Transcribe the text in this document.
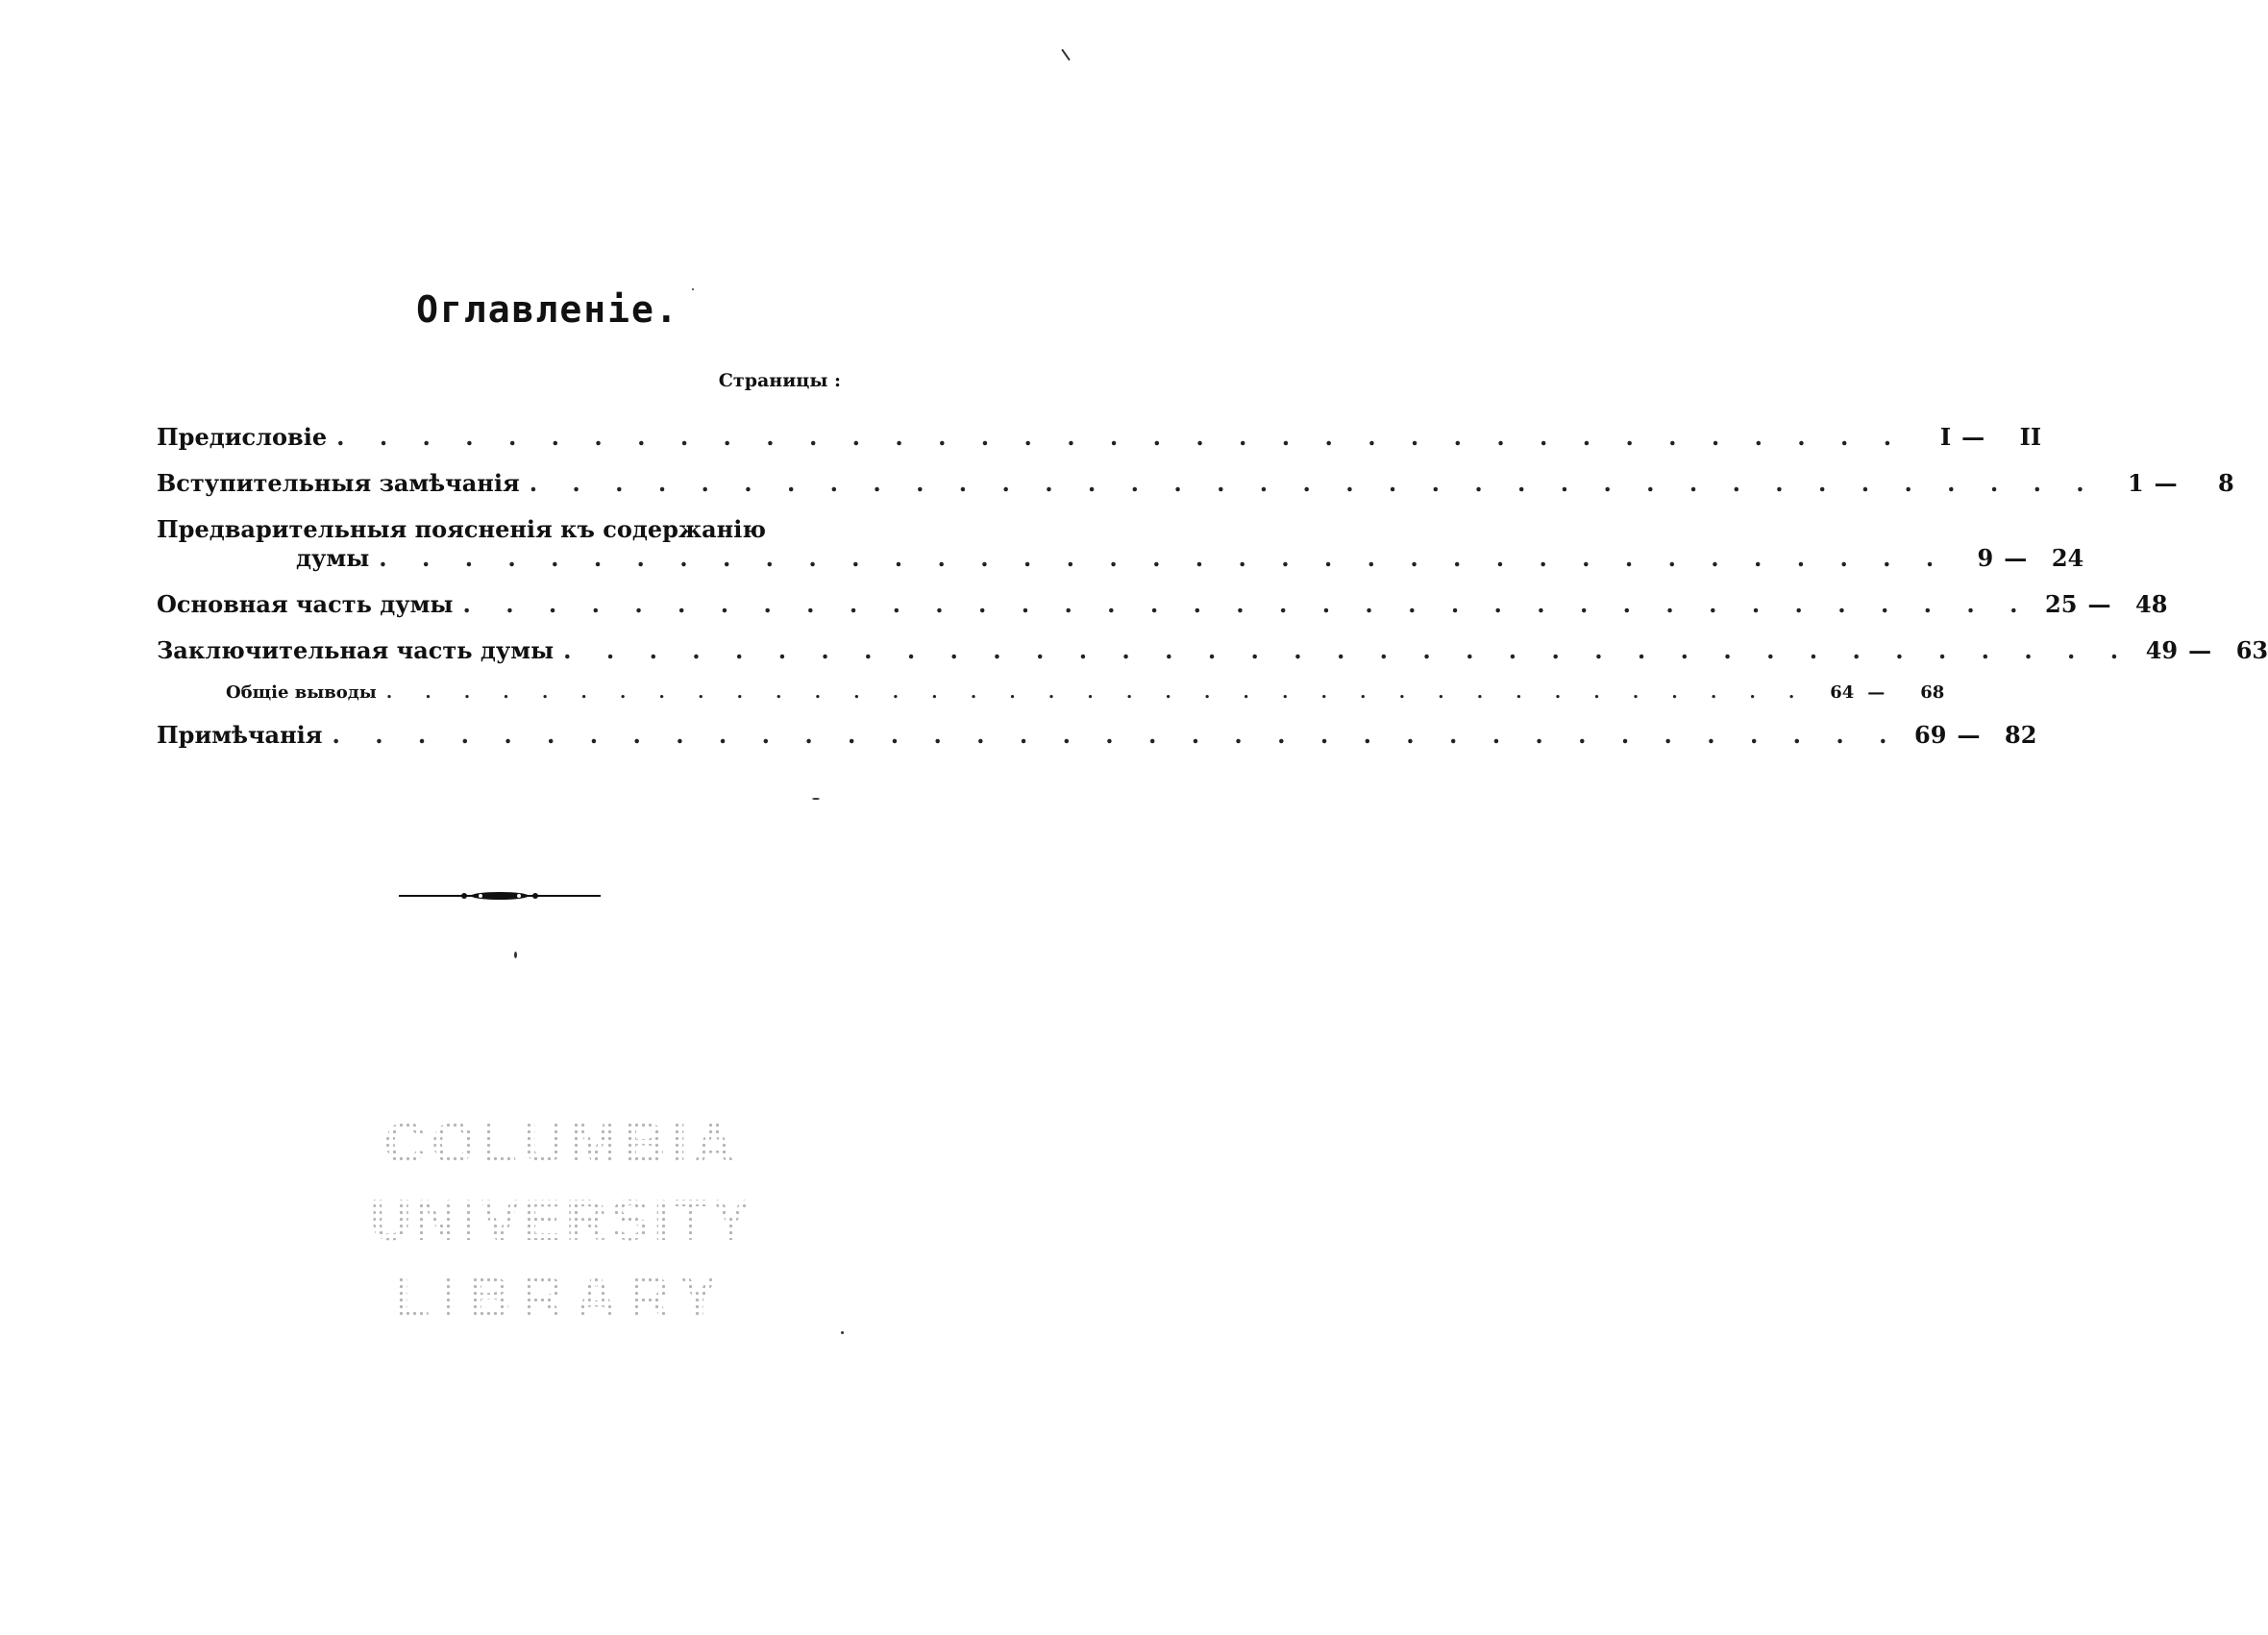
Оглавленіе.
Страницы :
Предисловіе . . . . . . . . . . . . . . . . . . . . . . . . . . . . . . . . . . . . .	I —	II
Вступительныя замѣчанія . . . . . . . . . . . . . . . . . . . . . . . . . . . . . . . . . . . . .	1 —	8
Предварительныя поясненія къ содержанію
думы . . . . . . . . . . . . . . . . . . . . . . . . . . . . . . . . . . . . .	9 —	24
Основная часть думы . . . . . . . . . . . . . . . . . . . . . . . . . . . . . . . . . . . . . 25 —	48
Заключительная часть думы . . . . . . . . . . . . . . . . . . . . . . . . . . . . . . . . . . . . . 49 —	63
Общіе выводы . . . . . . . . . . . . . . . . . . . . . . . . . . . . . . . . . . . . .	64 —	68
Примѣчанія . . . . . . . . . . . . . . . . . . . . . . . . . . . . . . . . . . . . . 69 —	82
COLUMBIA
UNIVERSITY
LIBRARY
